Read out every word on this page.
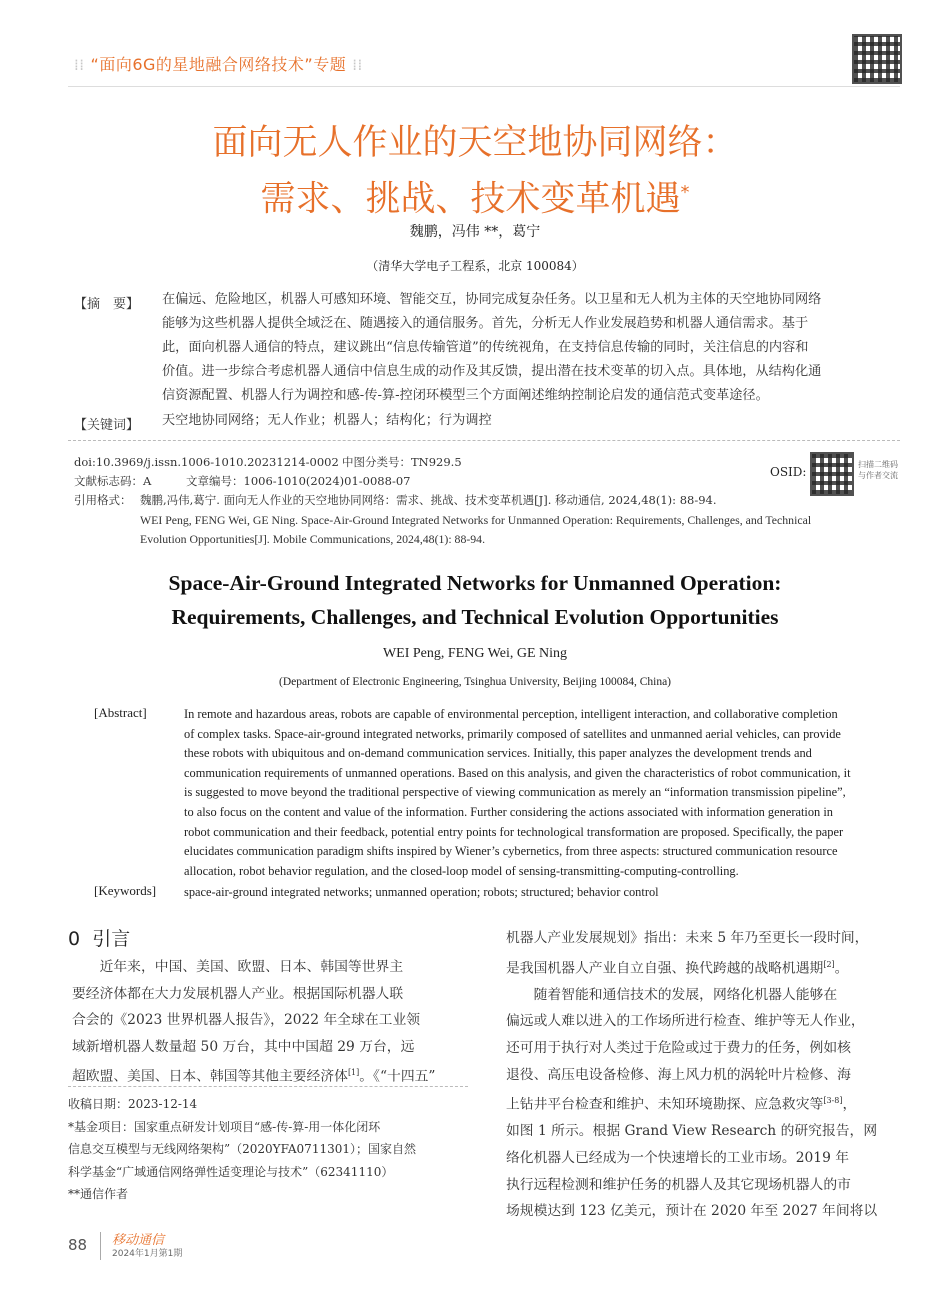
⁞⁞ “面向6G的星地融合网络技术”专题 ⁞⁞
面向无人作业的天空地协同网络：
需求、挑战、技术变革机遇*
魏鹏，冯伟 **，葛宁
（清华大学电子工程系，北京 100084）
【摘　要】 在偏远、危险地区，机器人可感知环境、智能交互，协同完成复杂任务。以卫星和无人机为主体的天空地协同网络
能够为这些机器人提供全域泛在、随遇接入的通信服务。首先，分析无人作业发展趋势和机器人通信需求。基于
此，面向机器人通信的特点，建议跳出“信息传输管道”的传统视角，在支持信息传输的同时，关注信息的内容和
价值。进一步综合考虑机器人通信中信息生成的动作及其反馈，提出潜在技术变革的切入点。具体地，从结构化通
信资源配置、机器人行为调控和感-传-算-控闭环模型三个方面阐述维纳控制论启发的通信范式变革途径。
【关键词】 天空地协同网络；无人作业；机器人；结构化；行为调控
doi:10.3969/j.issn.1006-1010.20231214-0002 中图分类号：TN929.5
文献标志码：A	文章编号：1006-1010(2024)01-0088-07
引用格式： 魏鹏,冯伟,葛宁. 面向无人作业的天空地协同网络：需求、挑战、技术变革机遇[J]. 移动通信, 2024,48(1): 88-94.
WEI Peng, FENG Wei, GE Ning. Space-Air-Ground Integrated Networks for Unmanned Operation: Requirements, Challenges, and Technical
Evolution Opportunities[J]. Mobile Communications, 2024,48(1): 88-94.
OSID:
扫描二维码
与作者交流
Space-Air-Ground Integrated Networks for Unmanned Operation:
Requirements, Challenges, and Technical Evolution Opportunities
WEI Peng, FENG Wei, GE Ning
(Department of Electronic Engineering, Tsinghua University, Beijing 100084, China)
[Abstract]	In remote and hazardous areas, robots are capable of environmental perception, intelligent interaction, and collaborative completion
of complex tasks. Space-air-ground integrated networks, primarily composed of satellites and unmanned aerial vehicles, can provide
these robots with ubiquitous and on-demand communication services. Initially, this paper analyzes the development trends and
communication requirements of unmanned operations. Based on this analysis, and given the characteristics of robot communication, it
is suggested to move beyond the traditional perspective of viewing communication as merely an “information transmission pipeline”,
to also focus on the content and value of the information. Further considering the actions associated with information generation in
robot communication and their feedback, potential entry points for technological transformation are proposed. Specifically, the paper
elucidates communication paradigm shifts inspired by Wiener’s cybernetics, from three aspects: structured communication resource
allocation, robot behavior regulation, and the closed-loop model of sensing-transmitting-computing-controlling.
[Keywords] space-air-ground integrated networks; unmanned operation; robots; structured; behavior control
0 引言
　　近年来，中国、美国、欧盟、日本、韩国等世界主
要经济体都在大力发展机器人产业。根据国际机器人联
合会的《2023 世界机器人报告》，2022 年全球在工业领
域新增机器人数量超 50 万台，其中中国超 29 万台，远
超欧盟、美国、日本、韩国等其他主要经济体[1]。《“十四五”
收稿日期：2023-12-14
*基金项目：国家重点研发计划项目“感-传-算-用一体化闭环
信息交互模型与无线网络架构”（2020YFA0711301）；国家自然
科学基金“广域通信网络弹性适变理论与技术”（62341110）
**通信作者
机器人产业发展规划》指出：未来 5 年乃至更长一段时间，
是我国机器人产业自立自强、换代跨越的战略机遇期[2]。
　　随着智能和通信技术的发展，网络化机器人能够在
偏远或人难以进入的工作场所进行检查、维护等无人作业，
还可用于执行对人类过于危险或过于费力的任务，例如核
退役、高压电设备检修、海上风力机的涡轮叶片检修、海
上钻井平台检查和维护、未知环境勘探、应急救灾等[3-8]，
如图 1 所示。根据 Grand View Research 的研究报告，网
络化机器人已经成为一个快速增长的工业市场。2019 年
执行远程检测和维护任务的机器人及其它现场机器人的市
场规模达到 123 亿美元，预计在 2020 年至 2027 年间将以
88 移动通信
2024年1月第1期
